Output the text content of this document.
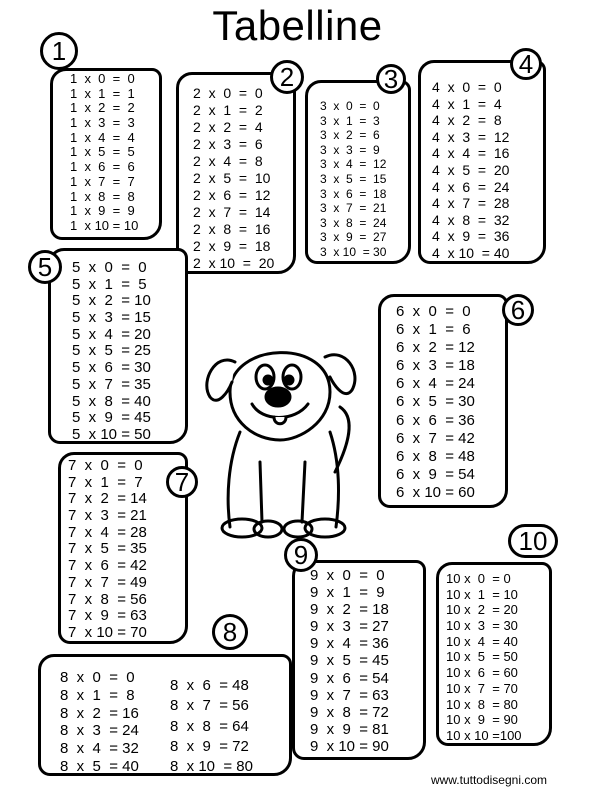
Tabelline
1  x  0  =  0
1  x  1  =  1
1  x  2  =  2
1  x  3  =  3
1  x  4  =  4
1  x  5  =  5
1  x  6  =  6
1  x  7  =  7
1  x  8  =  8
1  x  9  =  9
1  x 10 = 10
1
2  x  0  =  0
2  x  1  =  2
2  x  2  =  4
2  x  3  =  6
2  x  4  =  8
2  x  5  =  10
2  x  6  =  12
2  x  7  =  14
2  x  8  =  16
2  x  9  =  18
2  x 10  =  20
2
3  x  0  =  0
3  x  1  =  3
3  x  2  =  6
3  x  3  =  9
3  x  4  =  12
3  x  5  =  15
3  x  6  =  18
3  x  7  =  21
3  x  8  =  24
3  x  9  =  27
3  x 10  = 30
3	4  x  0  =  0
4  x  1  =  4
4  x  2  =  8
4  x  3  =  12
4  x  4  =  16
4  x  5  =  20
4  x  6  =  24
4  x  7  =  28
4  x  8  =  32
4  x  9  =  36
4  x 10  = 40
4
5  x  0  =  0
5  x  1  =  5
5  x  2  = 10
5  x  3  = 15
5  x  4  = 20
5  x  5  = 25
5  x  6  = 30
5  x  7  = 35
5  x  8  = 40
5  x  9  = 45
5  x 10 = 50
5
6  x  0  =  0
6  x  1  =  6
6  x  2  = 12
6  x  3  = 18
6  x  4  = 24
6  x  5  = 30
6  x  6  = 36
6  x  7  = 42
6  x  8  = 48
6  x  9  = 54
6  x 10 = 60
6
7  x  0  =  0
7  x  1  =  7
7  x  2  = 14
7  x  3  = 21
7  x  4  = 28
7  x  5  = 35
7  x  6  = 42
7  x  7  = 49
7  x  8  = 56
7  x  9  = 63
7  x 10 = 70
7
8  x  0  =  0
8  x  1  =  8
8  x  2  = 16
8  x  3  = 24
8  x  4  = 32
8  x  5  = 40
8  x  6  = 48
8  x  7  = 56
8  x  8  = 64
8  x  9  = 72
8  x 10  = 80
8
9  x  0  =  0
9  x  1  =  9
9  x  2  = 18
9  x  3  = 27
9  x  4  = 36
9  x  5  = 45
9  x  6  = 54
9  x  7  = 63
9  x  8  = 72
9  x  9  = 81
9  x 10 = 90
9
10 x  0  = 0
10 x  1  = 10
10 x  2  = 20
10 x  3  = 30
10 x  4  = 40
10 x  5  = 50
10 x  6  = 60
10 x  7  = 70
10 x  8  = 80
10 x  9  = 90
10 x 10 =100
10
www.tuttodisegni.com
